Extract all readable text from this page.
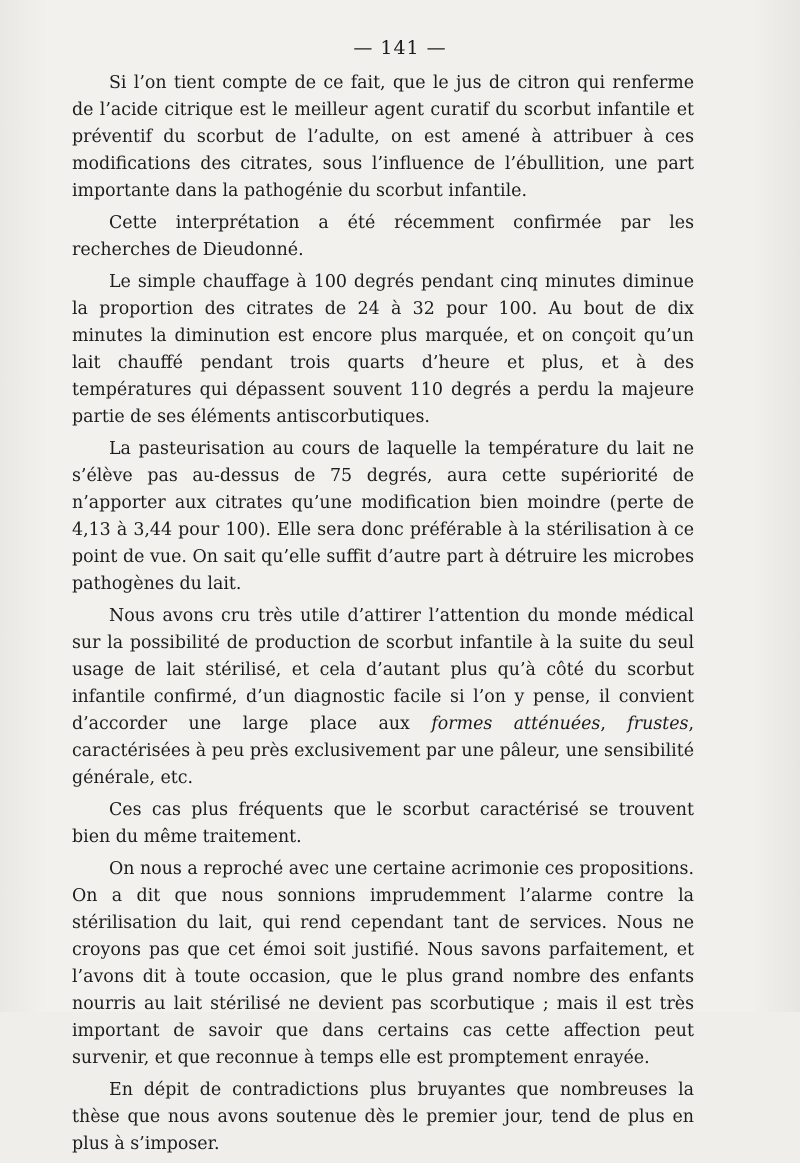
— 141 —

Si l’on tient compte de ce fait, que le jus de citron qui renferme de l’acide citrique est le meilleur agent curatif du scorbut infantile et préventif du scorbut de l’adulte, on est amené à attribuer à ces modifications des citrates, sous l’influence de l’ébullition, une part importante dans la pathogénie du scorbut infantile.

Cette interprétation a été récemment confirmée par les recherches de Dieudonné.

Le simple chauffage à 100 degrés pendant cinq minutes diminue la proportion des citrates de 24 à 32 pour 100. Au bout de dix minutes la diminution est encore plus marquée, et on conçoit qu’un lait chauffé pendant trois quarts d’heure et plus, et à des températures qui dépassent souvent 110 degrés a perdu la majeure partie de ses éléments antiscorbutiques.

La pasteurisation au cours de laquelle la température du lait ne s’élève pas au-dessus de 75 degrés, aura cette supériorité de n’apporter aux citrates qu’une modification bien moindre (perte de 4,13 à 3,44 pour 100). Elle sera donc préférable à la stérilisation à ce point de vue. On sait qu’elle suffit d’autre part à détruire les microbes pathogènes du lait.

Nous avons cru très utile d’attirer l’attention du monde médical sur la possibilité de production de scorbut infantile à la suite du seul usage de lait stérilisé, et cela d’autant plus qu’à côté du scorbut infantile confirmé, d’un diagnostic facile si l’on y pense, il convient d’accorder une large place aux formes atténuées, frustes, caractérisées à peu près exclusivement par une pâleur, une sensibilité générale, etc.

Ces cas plus fréquents que le scorbut caractérisé se trouvent bien du même traitement.

On nous a reproché avec une certaine acrimonie ces propositions. On a dit que nous sonnions imprudemment l’alarme contre la stérilisation du lait, qui rend cependant tant de services. Nous ne croyons pas que cet émoi soit justifié. Nous savons parfaitement, et l’avons dit à toute occasion, que le plus grand nombre des enfants nourris au lait stérilisé ne devient pas scorbutique ; mais il est très important de savoir que dans certains cas cette affection peut survenir, et que reconnue à temps elle est promptement enrayée.

En dépit de contradictions plus bruyantes que nombreuses la thèse que nous avons soutenue dès le premier jour, tend de plus en plus à s’imposer.
